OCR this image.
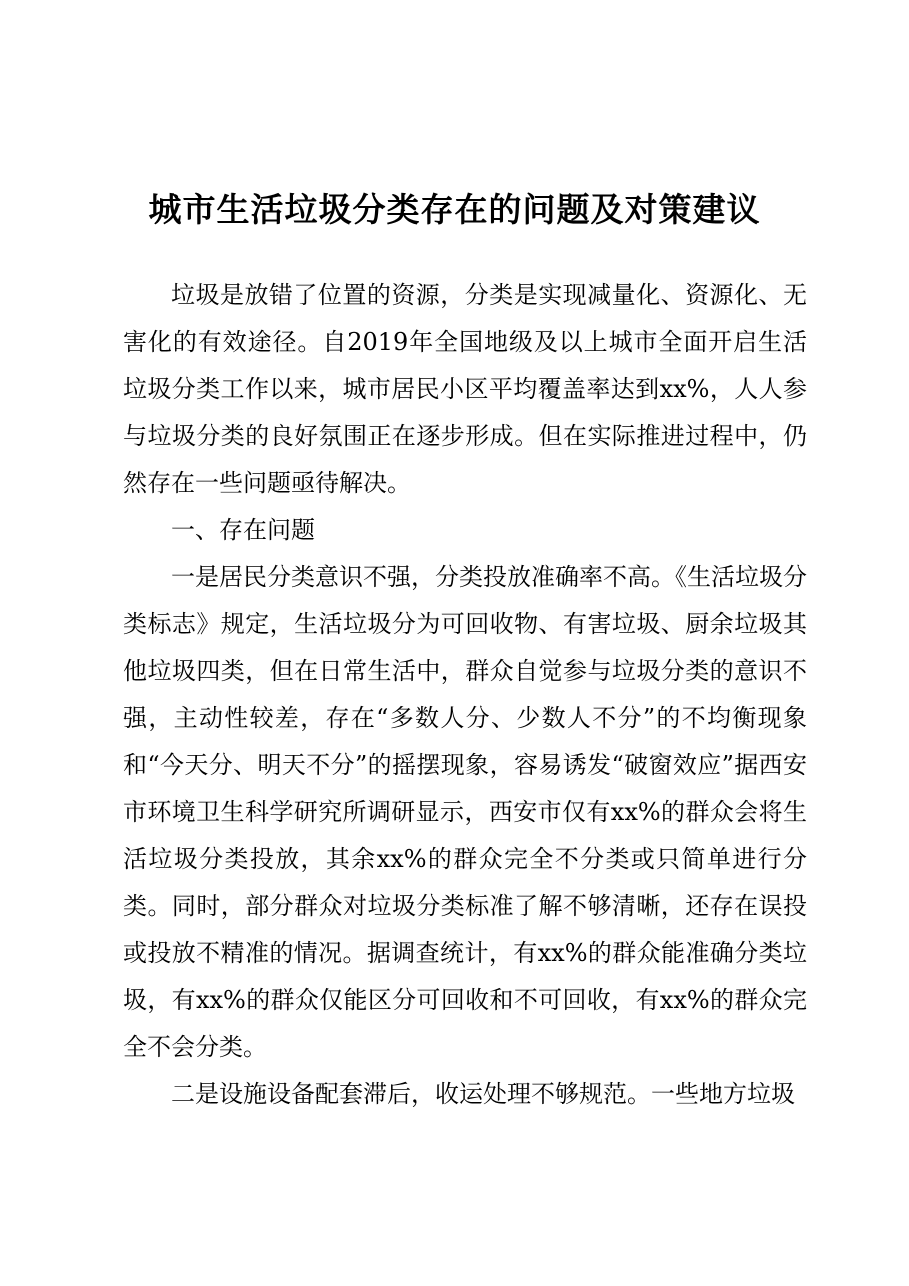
城市生活垃圾分类存在的问题及对策建议

垃圾是放错了位置的资源，分类是实现减量化、资源化、无害化的有效途径。自2019年全国地级及以上城市全面开启生活垃圾分类工作以来，城市居民小区平均覆盖率达到xx%，人人参与垃圾分类的良好氛围正在逐步形成。但在实际推进过程中，仍然存在一些问题亟待解决。

一、存在问题

一是居民分类意识不强，分类投放准确率不高。《生活垃圾分类标志》规定，生活垃圾分为可回收物、有害垃圾、厨余垃圾其他垃圾四类，但在日常生活中，群众自觉参与垃圾分类的意识不强，主动性较差，存在“多数人分、少数人不分”的不均衡现象和“今天分、明天不分”的摇摆现象，容易诱发“破窗效应”据西安市环境卫生科学研究所调研显示，西安市仅有xx%的群众会将生活垃圾分类投放，其余xx%的群众完全不分类或只简单进行分类。同时，部分群众对垃圾分类标准了解不够清晰，还存在误投或投放不精准的情况。据调查统计，有xx%的群众能准确分类垃圾，有xx%的群众仅能区分可回收和不可回收，有xx%的群众完全不会分类。

二是设施设备配套滞后，收运处理不够规范。一些地方垃圾
